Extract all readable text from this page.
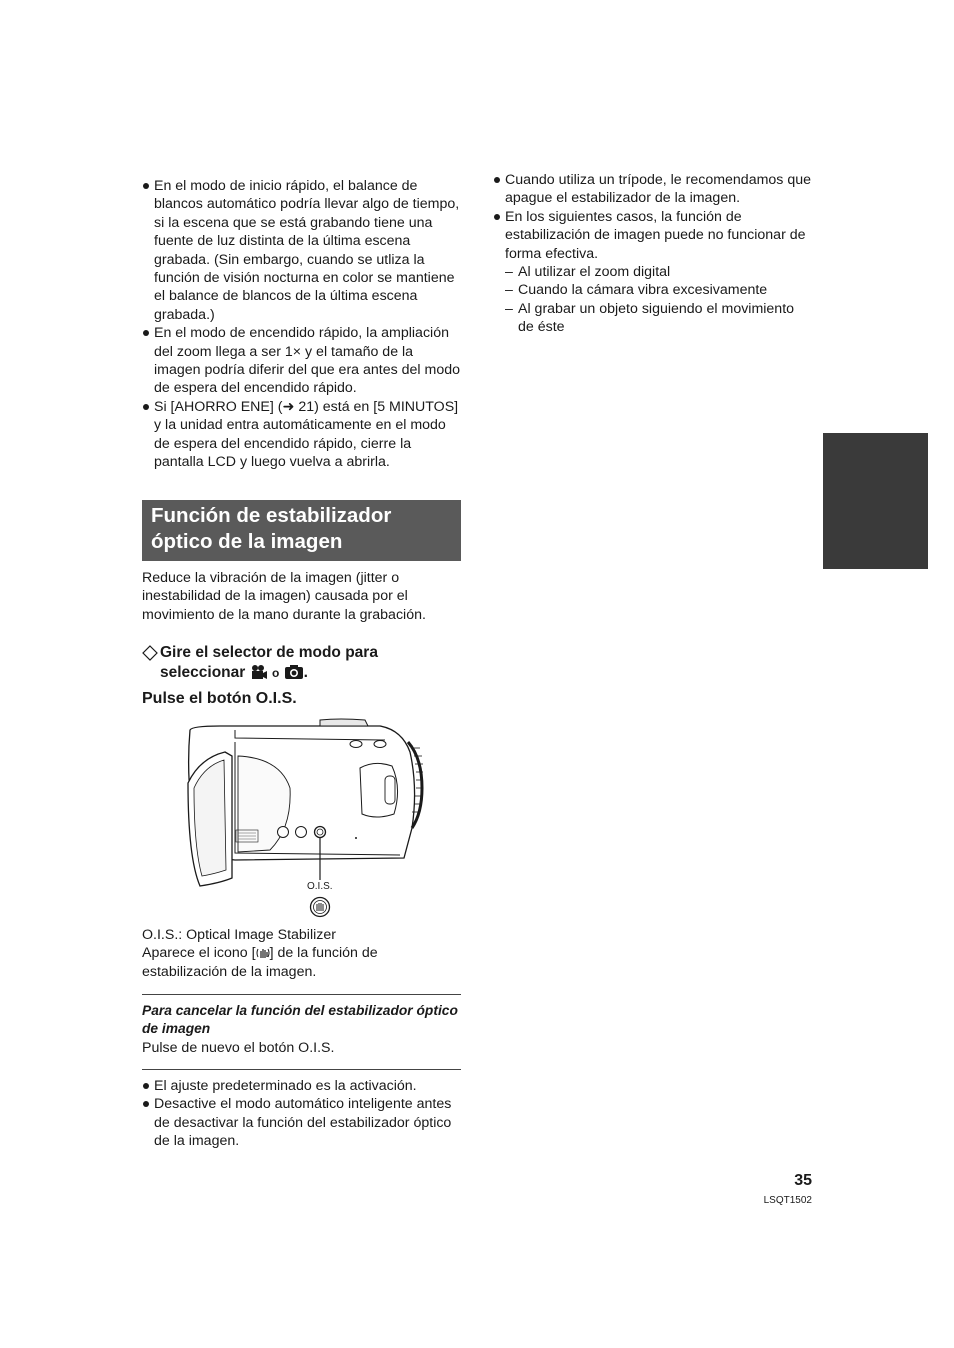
En el modo de inicio rápido, el balance de blancos automático podría llevar algo de tiempo, si la escena que se está grabando tiene una fuente de luz distinta de la última escena grabada. (Sin embargo, cuando se utliza la función de visión nocturna en color se mantiene el balance de blancos de la última escena grabada.)
En el modo de encendido rápido, la ampliación del zoom llega a ser 1× y el tamaño de la imagen podría diferir del que era antes del modo de espera del encendido rápido.
Si [AHORRO ENE] (➜ 21) está en [5 MINUTOS] y la unidad entra automáticamente en el modo de espera del encendido rápido, cierre la pantalla LCD y luego vuelva a abrirla.
Cuando utiliza un trípode, le recomendamos que apague el estabilizador de la imagen.
En los siguientes casos, la función de estabilización de imagen puede no funcionar de forma efectiva.
– Al utilizar el zoom digital
– Cuando la cámara vibra excesivamente
– Al grabar un objeto siguiendo el movimiento de éste
Función de estabilizador
óptico de la imagen

Reduce la vibración de la imagen (jitter o inestabilidad de la imagen) causada por el movimiento de la mano durante la grabación.

Gire el selector de modo para
seleccionar o .
Pulse el botón O.I.S.
O.I.S.

O.I.S.: Optical Image Stabilizer
Aparece el icono [ ] de la función de estabilización de la imagen.

Para cancelar la función del estabilizador óptico de imagen

Pulse de nuevo el botón O.I.S.

El ajuste predeterminado es la activación.
Desactive el modo automático inteligente antes de desactivar la función del estabilizador óptico de la imagen.
35
LSQT1502
